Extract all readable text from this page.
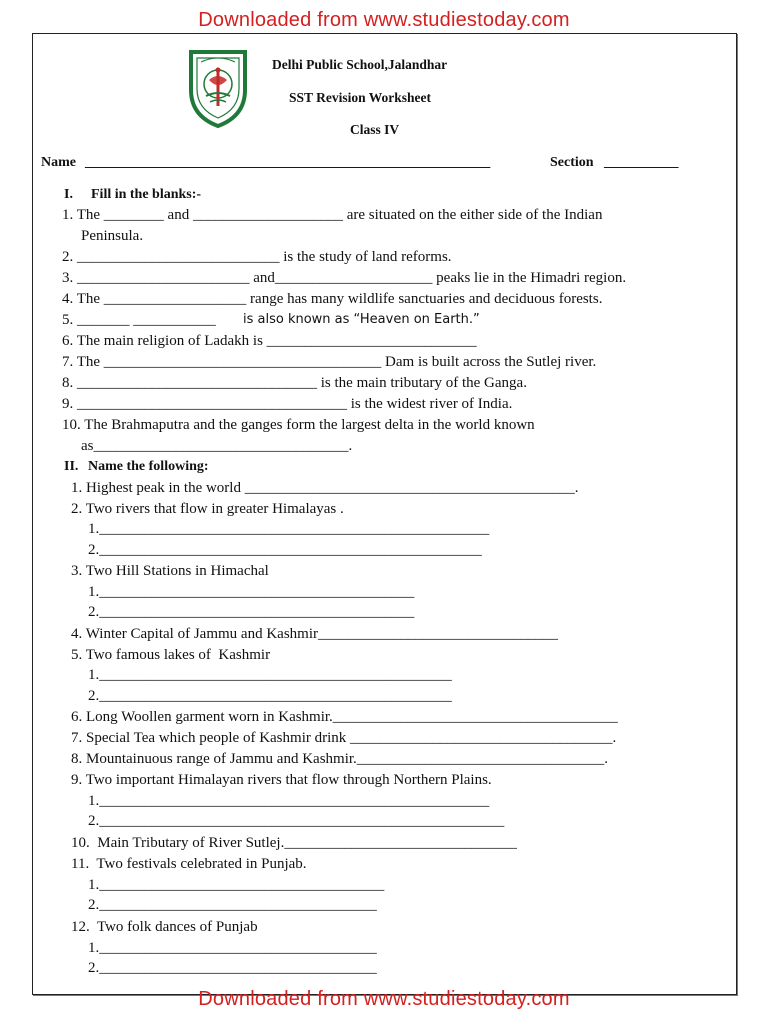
Downloaded from www.studiestoday.com
Delhi Public School,Jalandhar
SST Revision Worksheet
Class IV
Name ____________________________________________________________	Section ___________
I. Fill in the blanks:-
1. The ________ and ____________________ are situated on the either side of the Indian
Peninsula.
2. ___________________________ is the study of land reforms.
3. _______________________ and_____________________ peaks lie in the Himadri region.
4. The ___________________ range has many wildlife sanctuaries and deciduous forests.
5. _______ ___________ is also known as “Heaven on Earth.”
6. The main religion of Ladakh is ____________________________
7. The _____________________________________ Dam is built across the Sutlej river.
8. ________________________________ is the main tributary of the Ganga.
9. ____________________________________ is the widest river of India.
10. The Brahmaputra and the ganges form the largest delta in the world known
as__________________________________.
II. Name the following:
1. Highest peak in the world ____________________________________________.
2. Two rivers that flow in greater Himalayas .
1.____________________________________________________
2.___________________________________________________
3. Two Hill Stations in Himachal
1.__________________________________________
2.__________________________________________
4. Winter Capital of Jammu and Kashmir________________________________
5. Two famous lakes of  Kashmir
1._______________________________________________
2._______________________________________________
6. Long Woollen garment worn in Kashmir.______________________________________
7. Special Tea which people of Kashmir drink ___________________________________.
8. Mountainuous range of Jammu and Kashmir._________________________________.
9. Two important Himalayan rivers that flow through Northern Plains.
1.____________________________________________________
2.______________________________________________________
10.  Main Tributary of River Sutlej._______________________________
11.  Two festivals celebrated in Punjab.
1.______________________________________
2._____________________________________
12.  Two folk dances of Punjab
1._____________________________________
2._____________________________________
Downloaded from www.studiestoday.com
